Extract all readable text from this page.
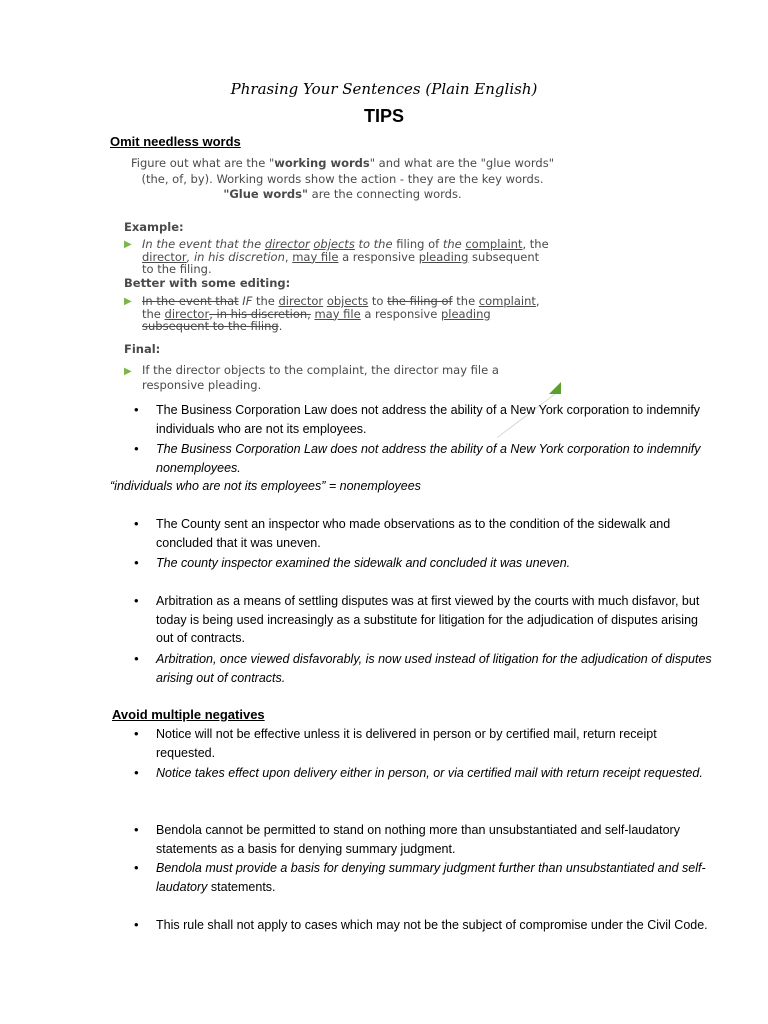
Phrasing Your Sentences (Plain English)
TIPS
Omit needless words
Figure out what are the "working words" and what are the "glue words"
(the, of, by). Working words show the action - they are the key words.
"Glue words" are the connecting words.
Example:
▶ In the event that the director objects to the filing of the complaint, the director, in his discretion, may file a responsive pleading subsequent to the filing.
Better with some editing:
▶ In the event that IF the director objects to the filing of the complaint, the director, in his discretion, may file a responsive pleading subsequent to the filing.
Final:
▶ If the director objects to the complaint, the director may file a responsive pleading.
• The Business Corporation Law does not address the ability of a New York corporation to indemnify individuals who are not its employees.
• The Business Corporation Law does not address the ability of a New York corporation to indemnify nonemployees.
“individuals who are not its employees” = nonemployees
• The County sent an inspector who made observations as to the condition of the sidewalk and concluded that it was uneven.
• The county inspector examined the sidewalk and concluded it was uneven.
• Arbitration as a means of settling disputes was at first viewed by the courts with much disfavor, but today is being used increasingly as a substitute for litigation for the adjudication of disputes arising out of contracts.
• Arbitration, once viewed disfavorably, is now used instead of litigation for the adjudication of disputes arising out of contracts.
Avoid multiple negatives
• Notice will not be effective unless it is delivered in person or by certified mail, return receipt requested.
• Notice takes effect upon delivery either in person, or via certified mail with return receipt requested.
• Bendola cannot be permitted to stand on nothing more than unsubstantiated and self-laudatory statements as a basis for denying summary judgment.
• Bendola must provide a basis for denying summary judgment further than unsubstantiated and self-laudatory statements.
• This rule shall not apply to cases which may not be the subject of compromise under the Civil Code.
